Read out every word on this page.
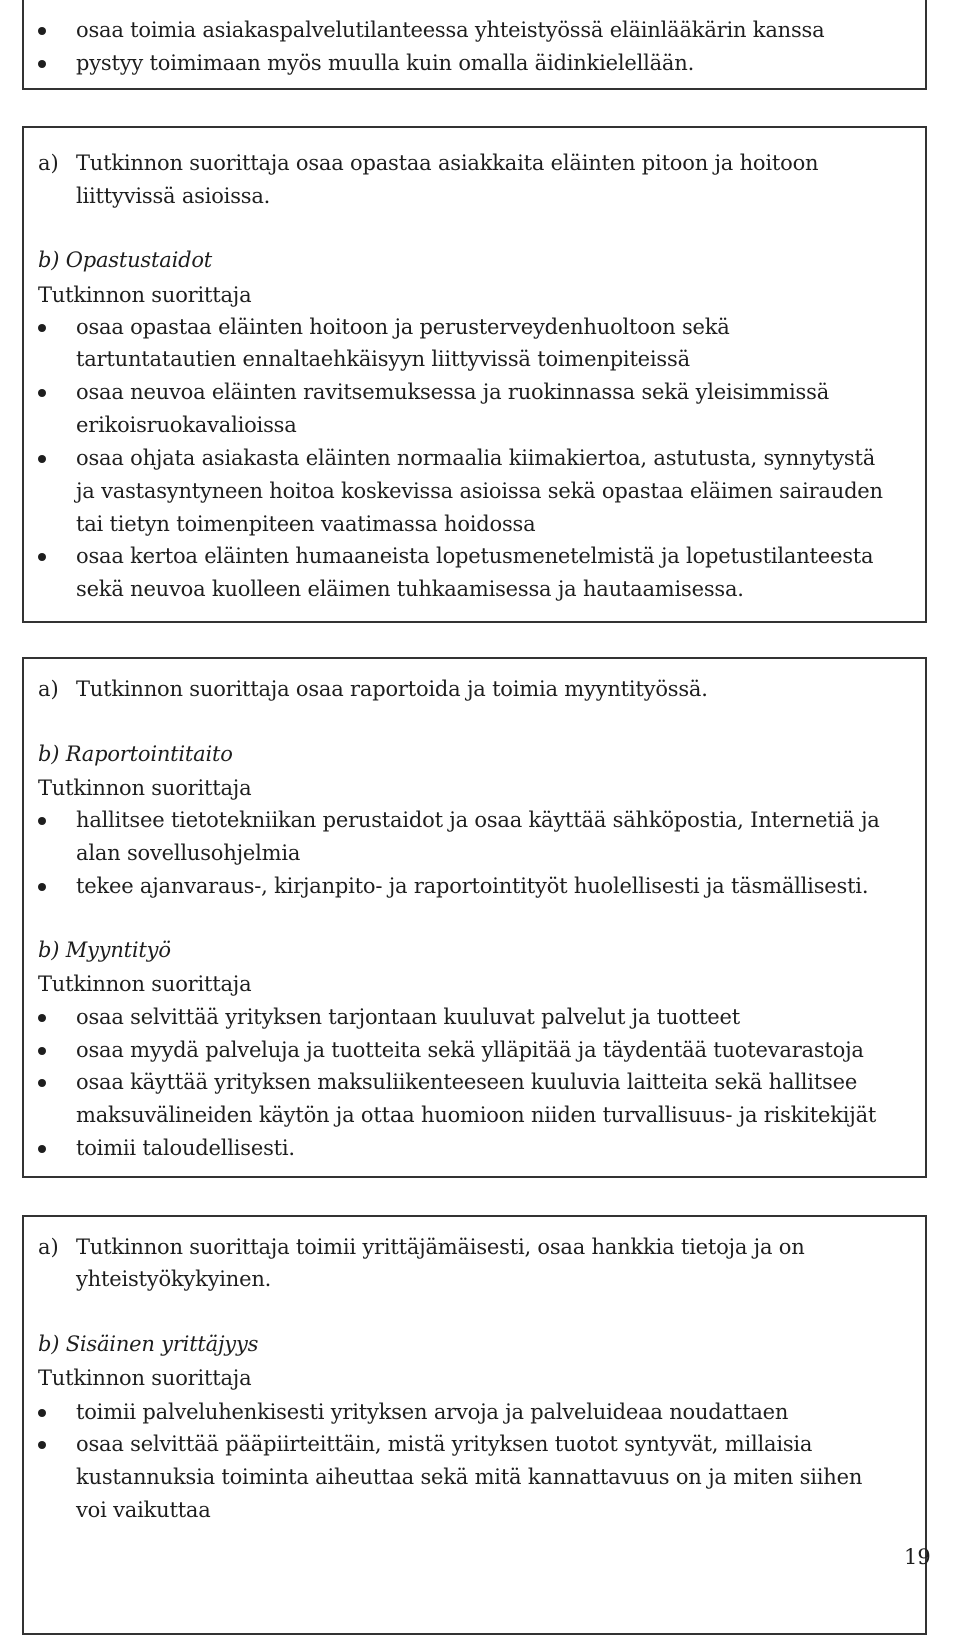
osaa toimia asiakaspalvelutilanteessa yhteistyössä eläinlääkärin kanssa
pystyy toimimaan myös muulla kuin omalla äidinkielellään.
a) Tutkinnon suorittaja osaa opastaa asiakkaita eläinten pitoon ja hoitoon
liittyvissä asioissa.
b) Opastustaidot
Tutkinnon suorittaja
osaa opastaa eläinten hoitoon ja perusterveydenhuoltoon sekä
tartuntatautien ennaltaehkäisyyn liittyvissä toimenpiteissä
osaa neuvoa eläinten ravitsemuksessa ja ruokinnassa sekä yleisimmissä
erikoisruokavalioissa
osaa ohjata asiakasta eläinten normaalia kiimakiertoa, astutusta, synnytystä
ja vastasyntyneen hoitoa koskevissa asioissa sekä opastaa eläimen sairauden
tai tietyn toimenpiteen vaatimassa hoidossa
osaa kertoa eläinten humaaneista lopetusmenetelmistä ja lopetustilanteesta
sekä neuvoa kuolleen eläimen tuhkaamisessa ja hautaamisessa.
a) Tutkinnon suorittaja osaa raportoida ja toimia myyntityössä.
b) Raportointitaito
Tutkinnon suorittaja
hallitsee tietotekniikan perustaidot ja osaa käyttää sähköpostia, Internetiä ja
alan sovellusohjelmia
tekee ajanvaraus-, kirjanpito- ja raportointityöt huolellisesti ja täsmällisesti.
b) Myyntityö
Tutkinnon suorittaja
osaa selvittää yrityksen tarjontaan kuuluvat palvelut ja tuotteet
osaa myydä palveluja ja tuotteita sekä ylläpitää ja täydentää tuotevarastoja
osaa käyttää yrityksen maksuliikenteeseen kuuluvia laitteita sekä hallitsee
maksuvälineiden käytön ja ottaa huomioon niiden turvallisuus- ja riskitekijät
toimii taloudellisesti.
a) Tutkinnon suorittaja toimii yrittäjämäisesti, osaa hankkia tietoja ja on
yhteistyökykyinen.
b) Sisäinen yrittäjyys
Tutkinnon suorittaja
toimii palveluhenkisesti yrityksen arvoja ja palveluideaa noudattaen
osaa selvittää pääpiirteittäin, mistä yrityksen tuotot syntyvät, millaisia
kustannuksia toiminta aiheuttaa sekä mitä kannattavuus on ja miten siihen
voi vaikuttaa
19
